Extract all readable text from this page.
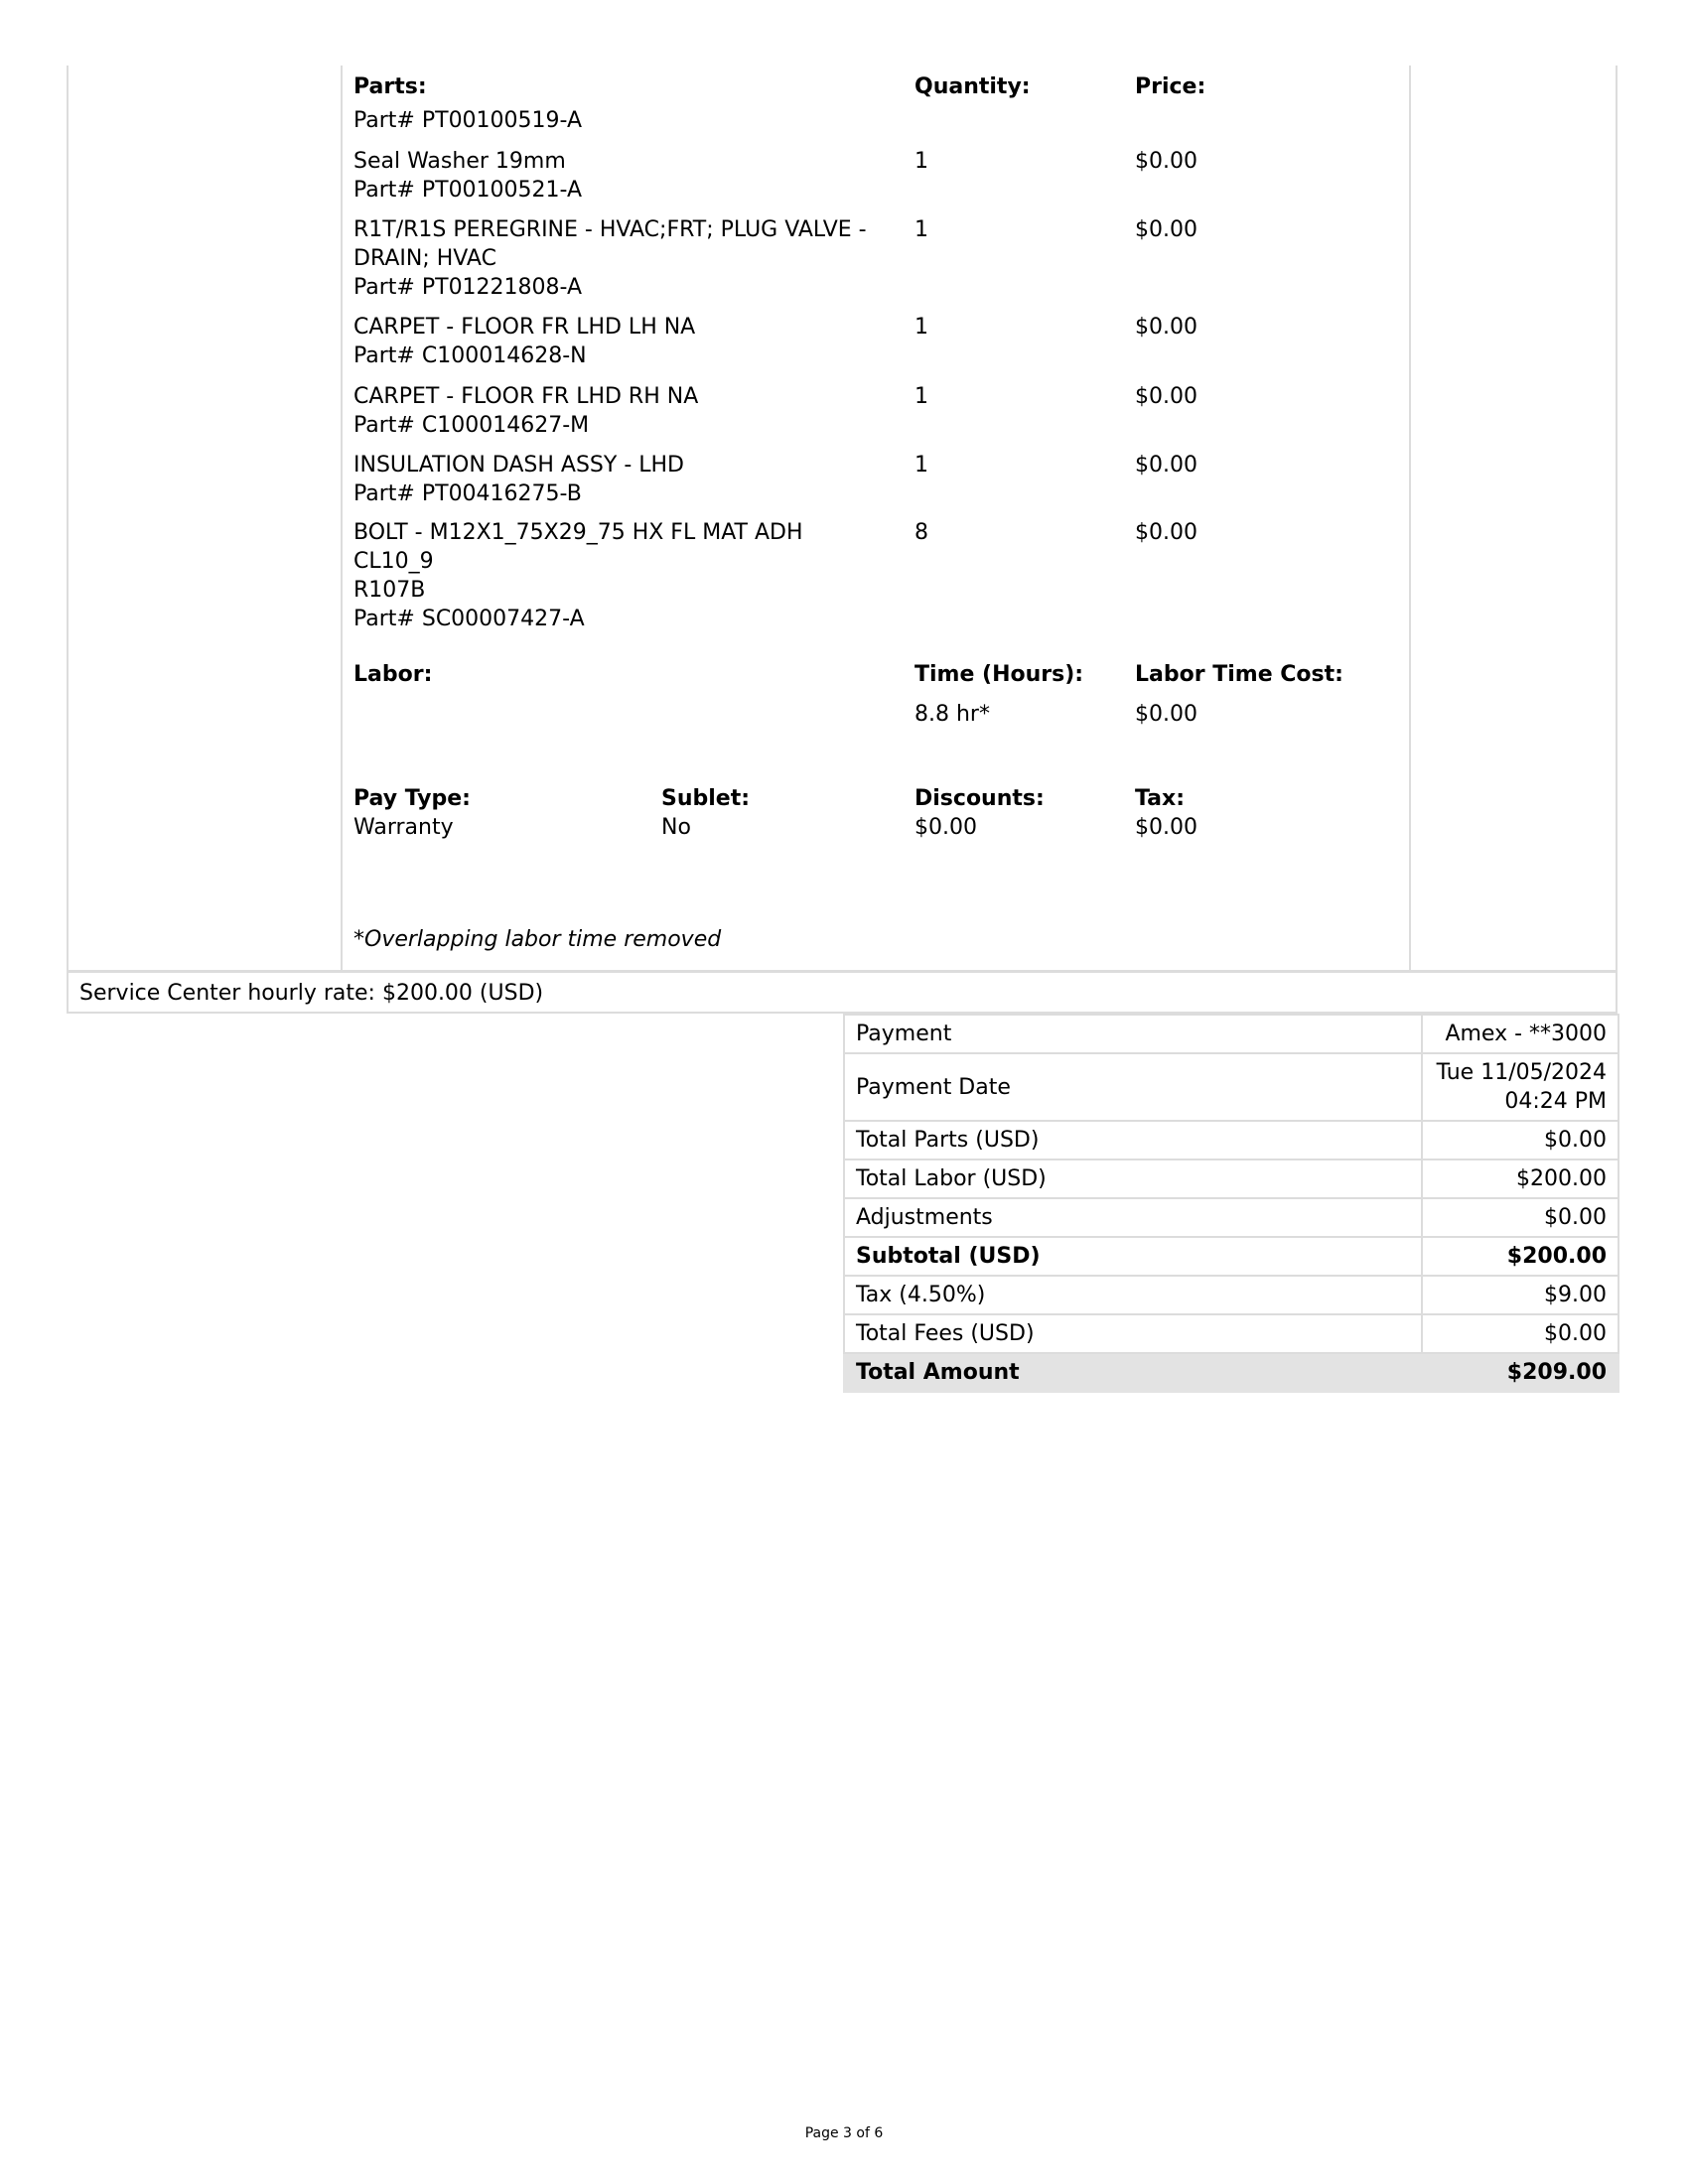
Parts:	Quantity:	Price:
Part# PT00100519-A
Seal Washer 19mm
Part# PT00100521-A
1	$0.00
R1T/R1S PEREGRINE - HVAC;FRT; PLUG VALVE -
DRAIN; HVAC
Part# PT01221808-A
1	$0.00
CARPET - FLOOR FR LHD LH NA
Part# C100014628-N
1	$0.00
CARPET - FLOOR FR LHD RH NA
Part# C100014627-M
1	$0.00
INSULATION DASH ASSY - LHD
Part# PT00416275-B
1	$0.00
BOLT - M12X1_75X29_75 HX FL MAT ADH CL10_9
R107B
Part# SC00007427-A
8	$0.00
Labor:	Time (Hours): Labor Time Cost:
8.8 hr*	$0.00
Pay Type:
Warranty
Sublet:
No
Discounts:
$0.00
Tax:
$0.00
*Overlapping labor time removed
Service Center hourly rate: $200.00 (USD)
Payment	Amex - **3000
Payment Date	Tue 11/05/2024
04:24 PM

Total Parts (USD)	$0.00
Total Labor (USD)	$200.00
Adjustments	$0.00
Subtotal (USD)	$200.00
Tax (4.50%)	$9.00
Total Fees (USD)	$0.00
Total Amount	$209.00
Page 3 of 6
